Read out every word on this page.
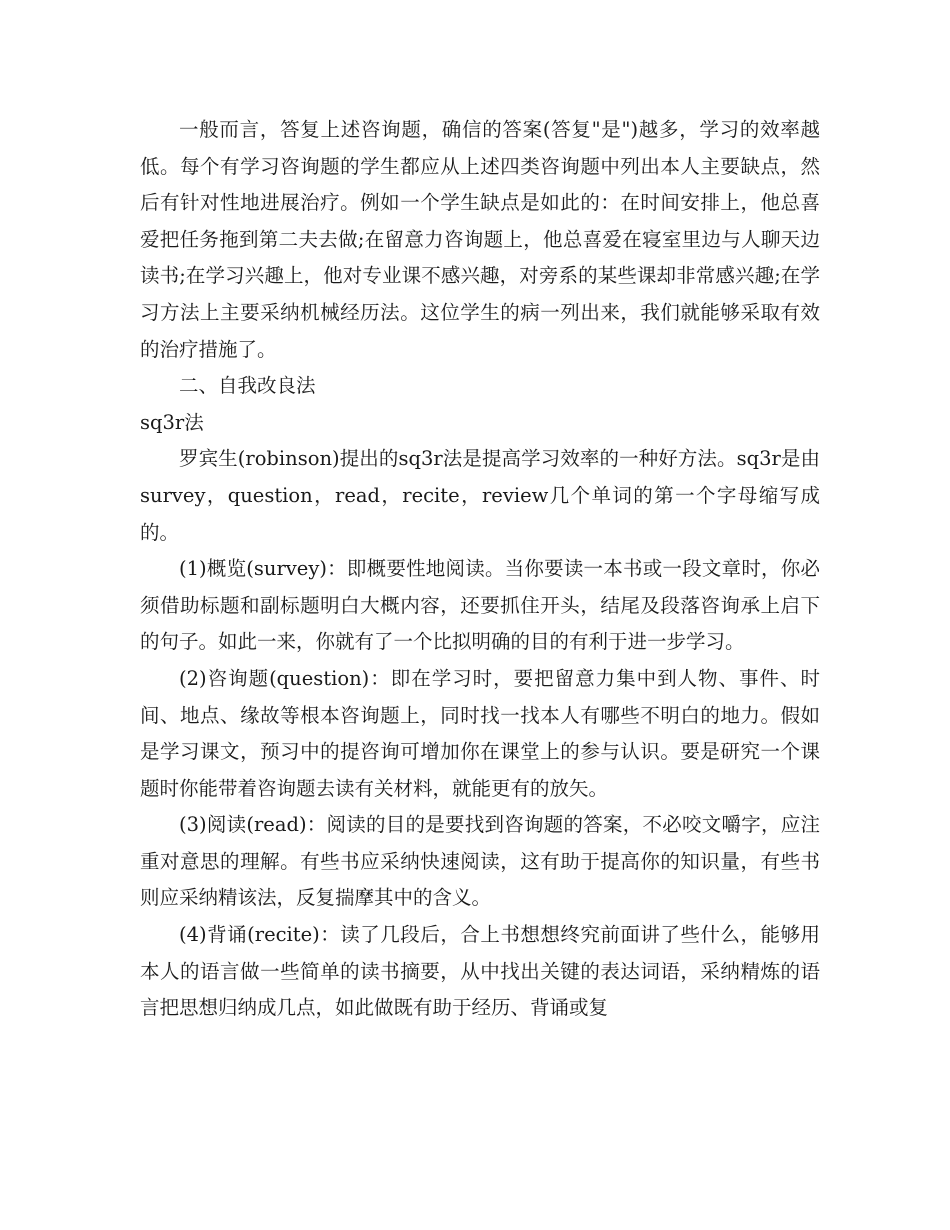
一般而言，答复上述咨询题，确信的答案(答复"是")越多，学习的效率越低。每个有学习咨询题的学生都应从上述四类咨询题中列出本人主要缺点，然后有针对性地进展治疗。例如一个学生缺点是如此的：在时间安排上，他总喜爱把任务拖到第二夫去做;在留意力咨询题上，他总喜爱在寝室里边与人聊天边读书;在学习兴趣上，他对专业课不感兴趣，对旁系的某些课却非常感兴趣;在学习方法上主要采纳机械经历法。这位学生的病一列出来，我们就能够采取有效的治疗措施了。

二、自我改良法

sq3r法

罗宾生(robinson)提出的sq3r法是提高学习效率的一种好方法。sq3r是由survey，question，read，recite，review几个单词的第一个字母缩写成的。

(1)概览(survey)：即概要性地阅读。当你要读一本书或一段文章时，你必须借助标题和副标题明白大概内容，还要抓住开头，结尾及段落咨询承上启下的句子。如此一来，你就有了一个比拟明确的目的有利于进一步学习。

(2)咨询题(question)：即在学习时，要把留意力集中到人物、事件、时间、地点、缘故等根本咨询题上，同时找一找本人有哪些不明白的地力。假如是学习课文，预习中的提咨询可增加你在课堂上的参与认识。要是研究一个课题时你能带着咨询题去读有关材料，就能更有的放矢。

(3)阅读(read)：阅读的目的是要找到咨询题的答案，不必咬文嚼字，应注重对意思的理解。有些书应采纳快速阅读，这有助于提高你的知识量，有些书则应采纳精该法，反复揣摩其中的含义。

(4)背诵(recite)：读了几段后，合上书想想终究前面讲了些什么，能够用本人的语言做一些简单的读书摘要，从中找出关键的表达词语，采纳精炼的语言把思想归纳成几点，如此做既有助于经历、背诵或复
